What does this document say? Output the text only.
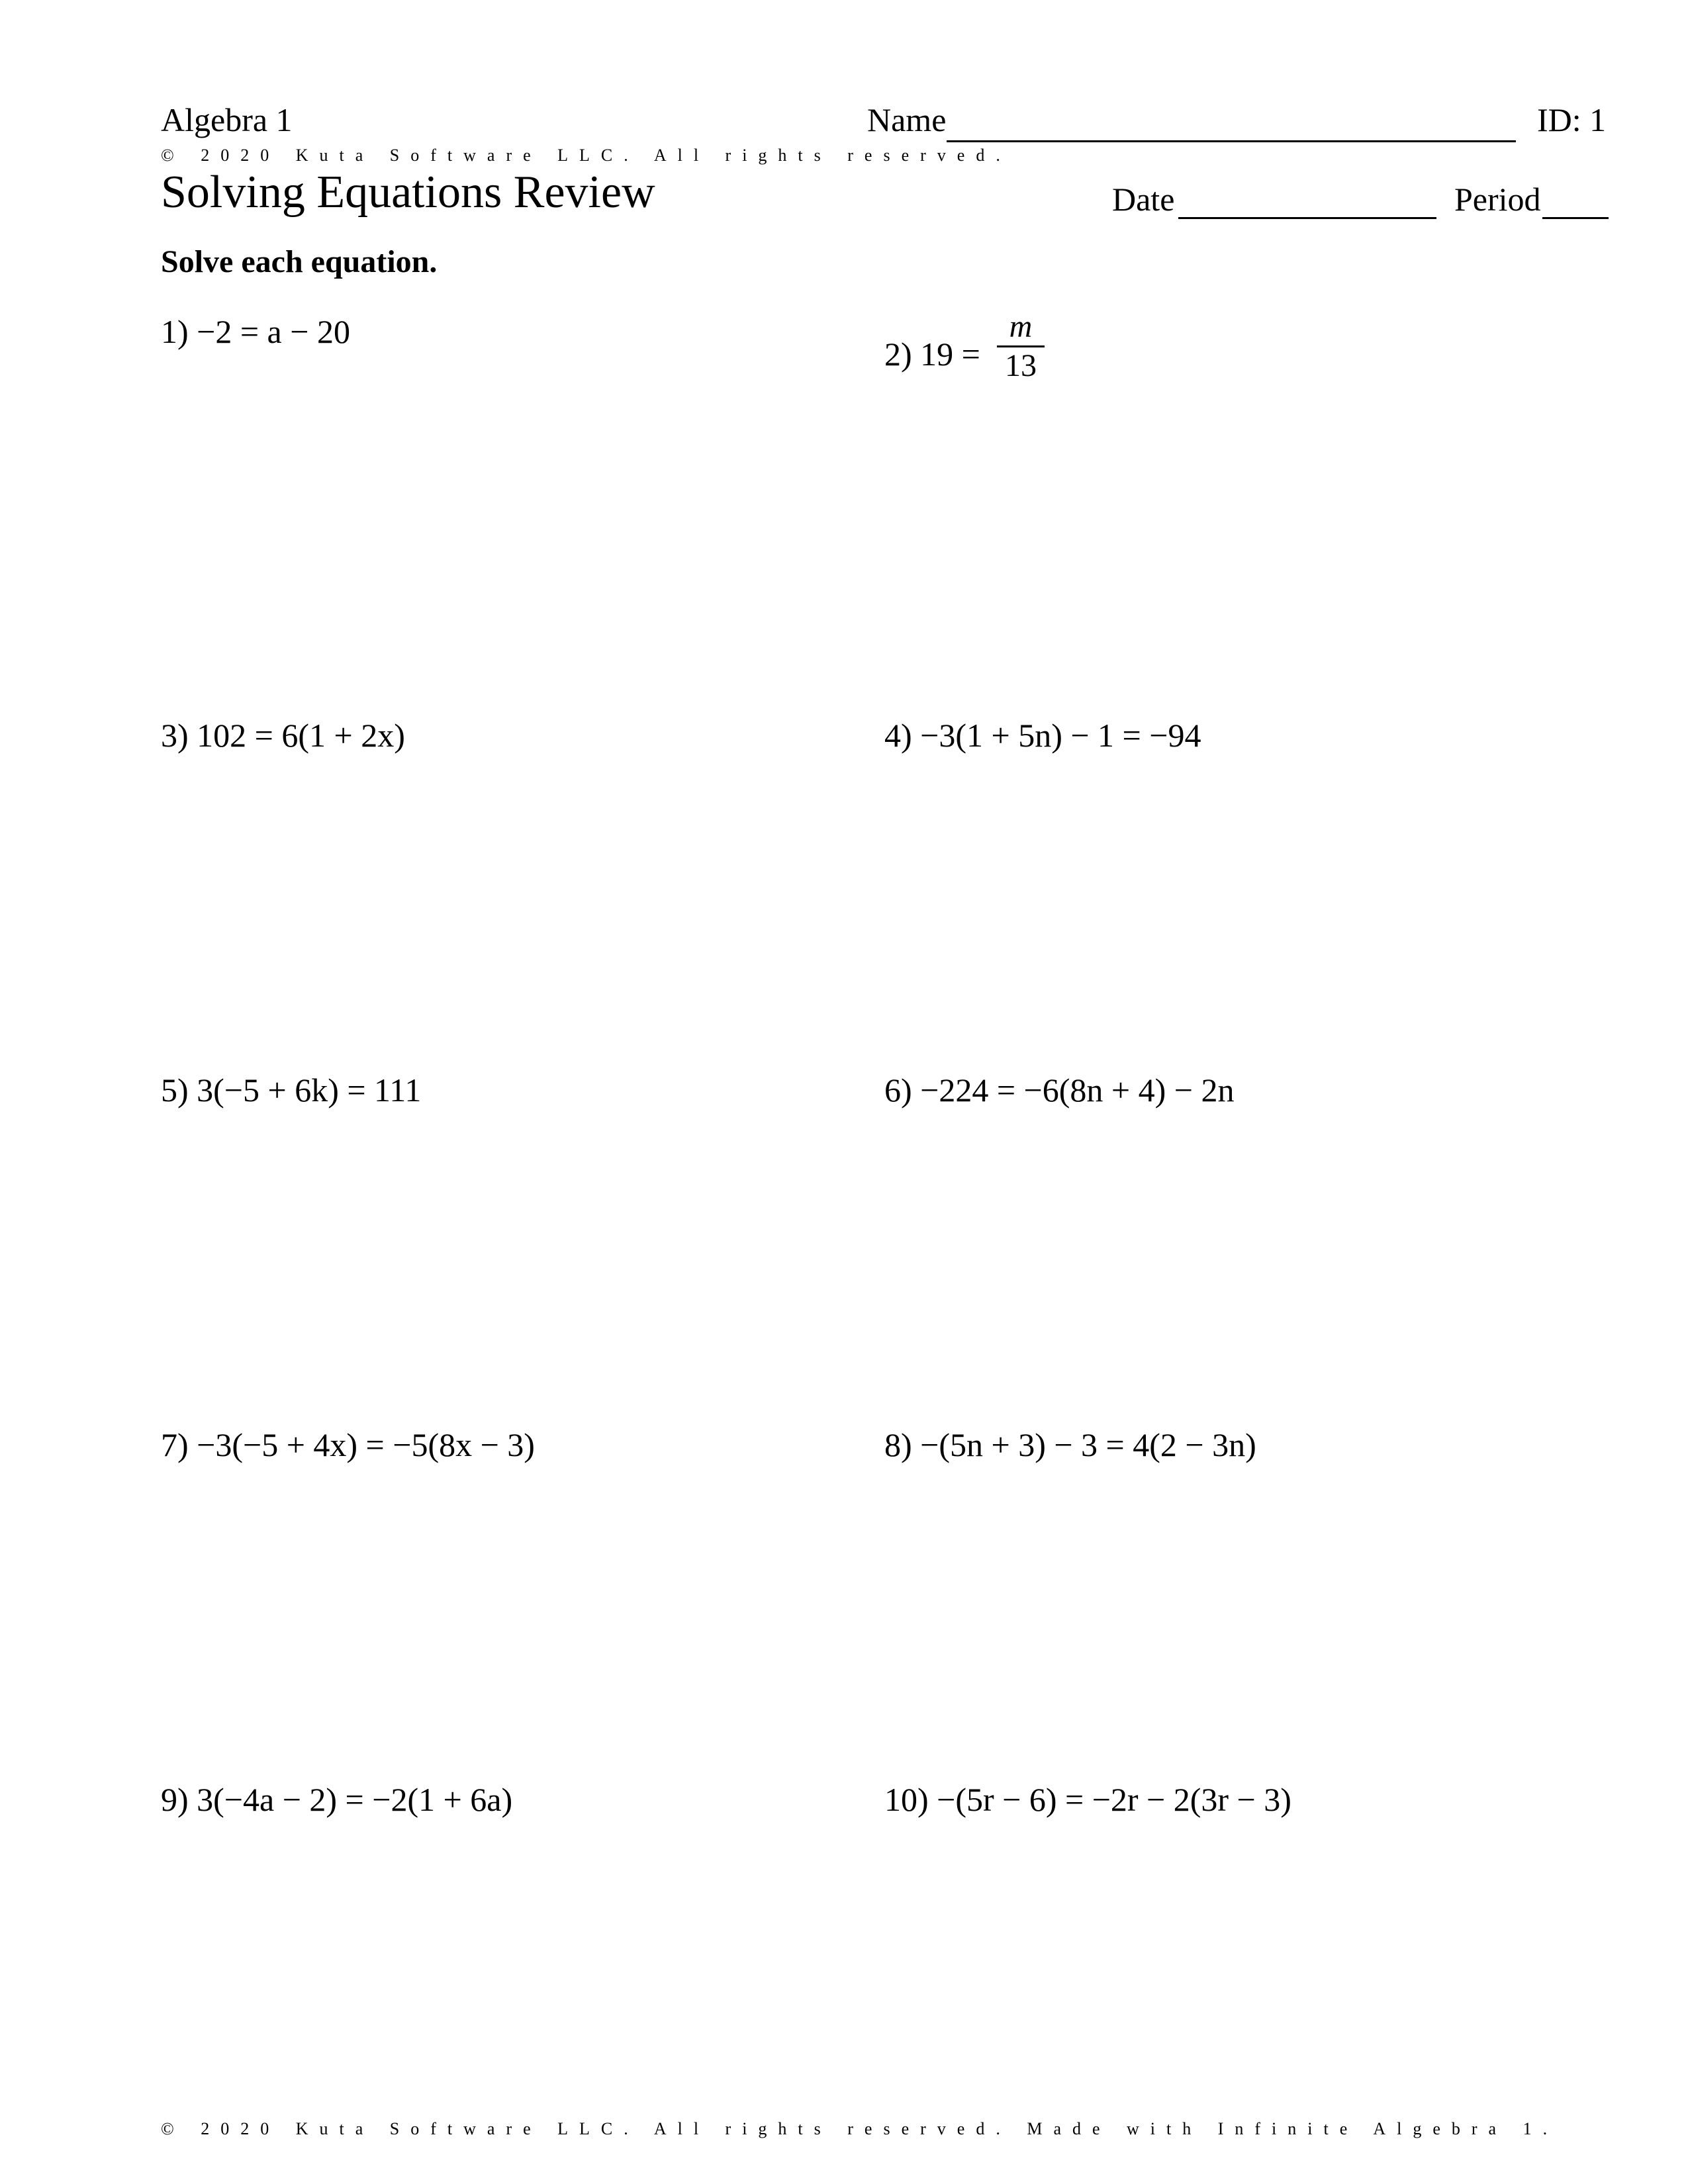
Algebra 1	Name	ID: 1
© 2020 Kuta Software LLC. All rights reserved.
Solving Equations Review	Date	Period
Solve each equation.
1) −2 = a − 20
2) 19 =
m
13
3) 102 = 6(1 + 2x)	4) −3(1 + 5n) − 1 = −94
5) 3(−5 + 6k) = 111	6) −224 = −6(8n + 4) − 2n
7) −3(−5 + 4x) = −5(8x − 3)	8) −(5n + 3) − 3 = 4(2 − 3n)
9) 3(−4a − 2) = −2(1 + 6a)	10) −(5r − 6) = −2r − 2(3r − 3)
© 2020 Kuta Software LLC. All rights reserved. Made with Infinite Algebra 1.
